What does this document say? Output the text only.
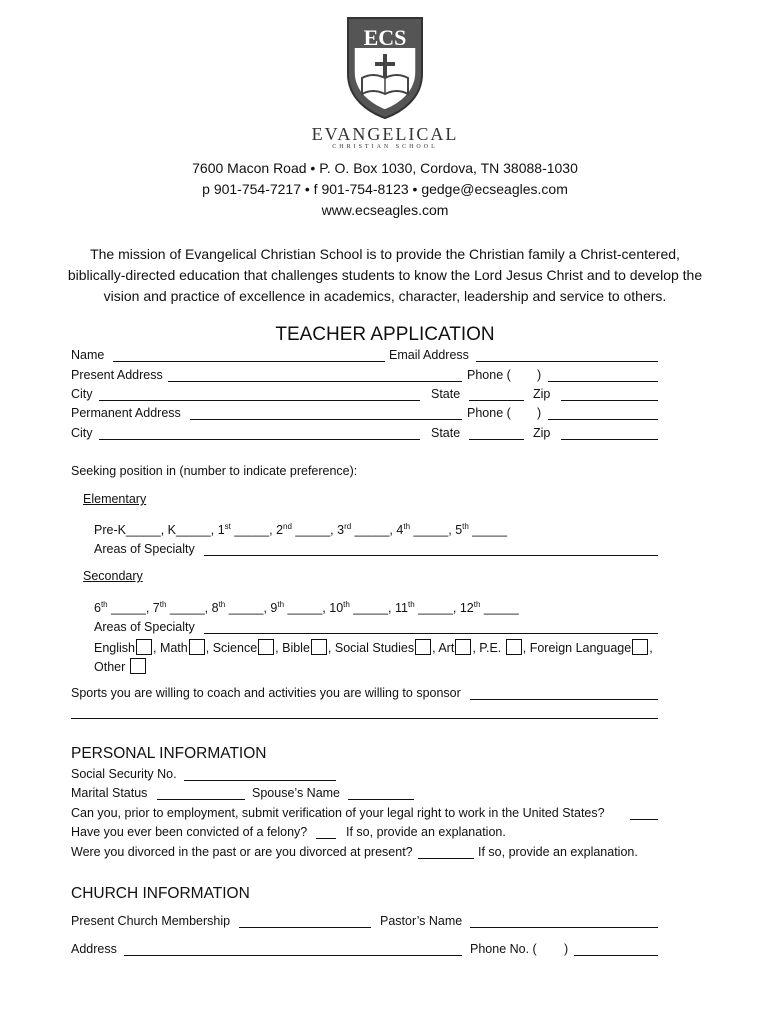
ECS
EVANGELICAL
CHRISTIAN SCHOOL
7600 Macon Road • P. O. Box 1030, Cordova, TN 38088-1030
p 901-754-7217 • f 901-754-8123 • gedge@ecseagles.com
www.ecseagles.com
The mission of Evangelical Christian School is to provide the Christian family a Christ-centered,
biblically-directed education that challenges students to know the Lord Jesus Christ and to develop the
vision and practice of excellence in academics, character, leadership and service to others.
TEACHER APPLICATION
Name	Email Address
Present Address	Phone ( )
City	State	Zip
Permanent Address	Phone ( )
City	State	Zip
Seeking position in (number to indicate preference):
Elementary
Pre-K_____, K_____, 1st _____, 2nd _____, 3rd _____, 4th _____, 5th _____
Areas of Specialty
Secondary
6th _____, 7th _____, 8th _____, 9th _____, 10th _____, 11th _____, 12th _____
Areas of Specialty
English , Math , Science , Bible , Social Studies , Art , P.E. , Foreign Language ,
Other
Sports you are willing to coach and activities you are willing to sponsor
PERSONAL INFORMATION
Social Security No.
Marital Status	Spouse’s Name
Can you, prior to employment, submit verification of your legal right to work in the United States?
Have you ever been convicted of a felony?	If so, provide an explanation.
Were you divorced in the past or are you divorced at present?	If so, provide an explanation.
CHURCH INFORMATION
Present Church Membership	Pastor’s Name
Address	Phone No. ( )
